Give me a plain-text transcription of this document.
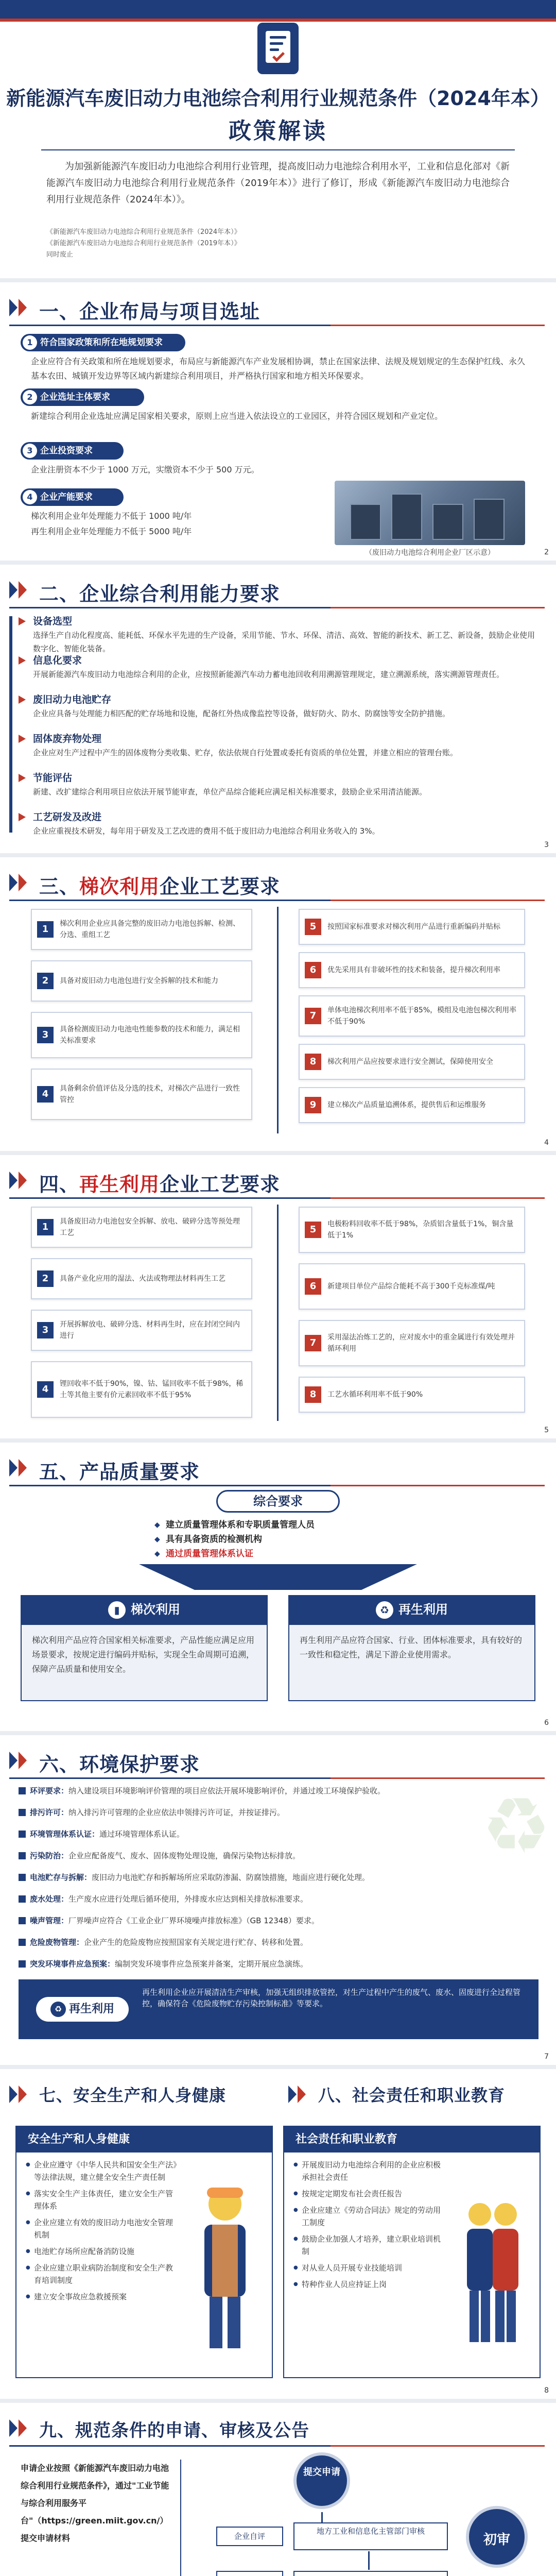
新能源汽车废旧动力电池综合利用行业规范条件（2024年本）
政策解读
为加强新能源汽车废旧动力电池综合利用行业管理，提高废旧动力电池综合利用水平，工业和信息化部对《新能源汽车废旧动力电池综合利用行业规范条件（2019年本）》进行了修订，形成《新能源汽车废旧动力电池综合利用行业规范条件（2024年本）》。
《新能源汽车废旧动力电池综合利用行业规范条件（2024年本）》
《新能源汽车废旧动力电池综合利用行业规范条件（2019年本）》
同时废止
一、企业布局与项目选址
1 符合国家政策和所在地规划要求
企业应符合有关政策和所在地规划要求，布局应与新能源汽车产业发展相协调，禁止在国家法律、法规及规划规定的生态保护红线、永久基本农田、城镇开发边界等区域内新建综合利用项目，并严格执行国家和地方相关环保要求。
2 企业选址主体要求
新建综合利用企业选址应满足国家相关要求，原则上应当进入依法设立的工业园区，并符合园区规划和产业定位。
3 企业投资要求
企业注册资本不少于 1000 万元，实缴资本不少于 500 万元。
4 企业产能要求
梯次利用企业年处理能力不低于 1000 吨/年
再生利用企业年处理能力不低于 5000 吨/年
（废旧动力电池综合利用企业厂区示意）	2
二、企业综合利用能力要求
设备选型
选择生产自动化程度高、能耗低、环保水平先进的生产设备，采用节能、节水、环保、清洁、高效、智能的新技术、新工艺、新设备，鼓励企业使用数字化、智能化装备。
信息化要求
开展新能源汽车废旧动力电池综合利用的企业，应按照新能源汽车动力蓄电池回收利用溯源管理规定，建立溯源系统，落实溯源管理责任。
废旧动力电池贮存
企业应具备与处理能力相匹配的贮存场地和设施，配备红外热成像监控等设备，做好防火、防水、防腐蚀等安全防护措施。
固体废弃物处理
企业应对生产过程中产生的固体废物分类收集、贮存，依法依规自行处置或委托有资质的单位处置，并建立相应的管理台账。
节能评估
新建、改扩建综合利用项目应依法开展节能审查，单位产品综合能耗应满足相关标准要求，鼓励企业采用清洁能源。
工艺研发及改进
企业应重视技术研发，每年用于研发及工艺改进的费用不低于废旧动力电池综合利用业务收入的 3%。
3
三、梯次利用企业工艺要求
1	梯次利用企业应具备完整的废旧动力电池包拆解、检测、分选、重组工艺
2	具备对废旧动力电池包进行安全拆解的技术和能力
3	具备检测废旧动力电池电性能参数的技术和能力，满足相关标准要求
4	具备剩余价值评估及分选的技术，对梯次产品进行一致性管控
5	按照国家标准要求对梯次利用产品进行重新编码并贴标
6	优先采用具有非破坏性的技术和装备，提升梯次利用率
7	单体电池梯次利用率不低于85%，模组及电池包梯次利用率不低于90%
8	梯次利用产品应按要求进行安全测试，保障使用安全
9	建立梯次产品质量追溯体系，提供售后和运维服务
4
四、再生利用企业工艺要求
1	具备废旧动力电池包安全拆解、放电、破碎分选等预处理工艺
2	具备产业化应用的湿法、火法或物理法材料再生工艺
3	开展拆解放电、破碎分选、材料再生时，应在封闭空间内进行
4	锂回收率不低于90%，镍、钴、锰回收率不低于98%，稀土等其他主要有价元素回收率不低于95%
5	电极粉料回收率不低于98%，杂质铝含量低于1%，铜含量低于1%
6	新建项目单位产品综合能耗不高于300千克标准煤/吨
7	采用湿法冶炼工艺的，应对废水中的重金属进行有效处理并循环利用
8	工艺水循环利用率不低于90%
5
五、产品质量要求
综合要求
◆ 建立质量管理体系和专职质量管理人员
◆ 具有具备资质的检测机构
◆ 通过质量管理体系认证
▮ 梯次利用
梯次利用产品应符合国家相关标准要求，产品性能应满足应用场景要求，按规定进行编码并贴标，实现全生命周期可追溯，保障产品质量和使用安全。
♻ 再生利用
再生利用产品应符合国家、行业、团体标准要求，具有较好的一致性和稳定性，满足下游企业使用需求。
6
♻
六、环境保护要求
环评要求：纳入建设项目环境影响评价管理的项目应依法开展环境影响评价，并通过竣工环境保护验收。
排污许可：纳入排污许可管理的企业应依法申领排污许可证，并按证排污。
环境管理体系认证：通过环境管理体系认证。
污染防治：企业应配备废气、废水、固体废物处理设施，确保污染物达标排放。
电池贮存与拆解：废旧动力电池贮存和拆解场所应采取防渗漏、防腐蚀措施，地面应进行硬化处理。
废水处理：生产废水应进行处理后循环使用，外排废水应达到相关排放标准要求。
噪声管理：厂界噪声应符合《工业企业厂界环境噪声排放标准》（GB 12348）要求。
危险废物管理：企业产生的危险废物应按照国家有关规定进行贮存、转移和处置。
突发环境事件应急预案：编制突发环境事件应急预案并备案，定期开展应急演练。
♻ 再生利用
再生利用企业应开展清洁生产审核，加强无组织排放管控，对生产过程中产生的废气、废水、固废进行全过程管控，确保符合《危险废物贮存污染控制标准》等要求。
7
七、安全生产和人身健康	八、社会责任和职业教育
安全生产和人身健康
● 企业应遵守《中华人民共和国安全生产法》等法律法规，建立健全安全生产责任制
● 落实安全生产主体责任，建立安全生产管理体系
● 企业应建立有效的废旧动力电池安全管理机制
● 电池贮存场所应配备消防设施
● 企业应建立职业病防治制度和安全生产教育培训制度
● 建立安全事故应急救援预案
社会责任和职业教育
● 开展废旧动力电池综合利用的企业应积极承担社会责任
● 按规定定期发布社会责任报告
● 企业应建立《劳动合同法》规定的劳动用工制度
● 鼓励企业加强人才培养，建立职业培训机制
● 对从业人员开展专业技能培训
● 特种作业人员应持证上岗
8
九、规范条件的申请、审核及公告
申请企业按照《新能源汽车废旧动力电池综合利用行业规范条件》，通过"工业节能与综合利用服务平台"（https://green.miit.gov.cn/）提交申请材料
提交申请
企业自评
地方工业和信息化主管部门审核
初审
